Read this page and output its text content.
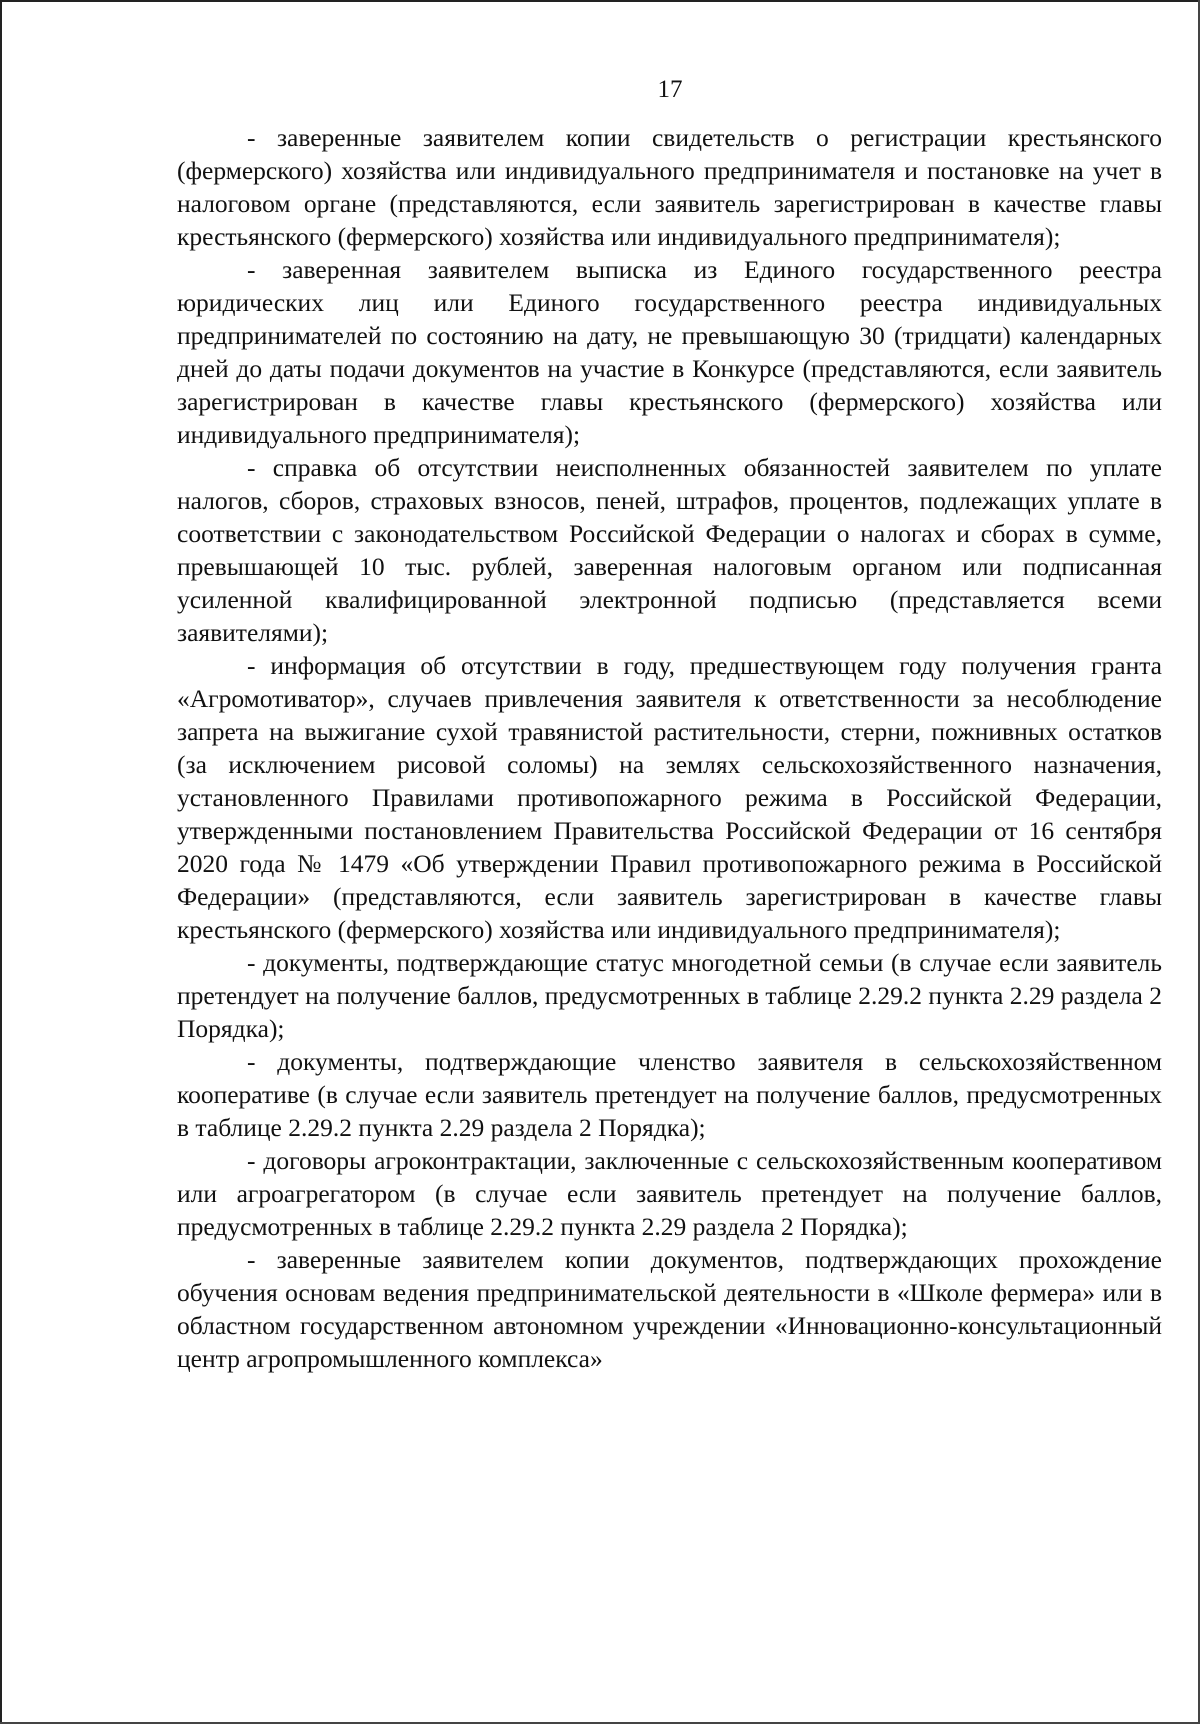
17

- заверенные заявителем копии свидетельств о регистрации крестьянского (фермерского) хозяйства или индивидуального предпринимателя и постановке на учет в налоговом органе (представляются, если заявитель зарегистрирован в качестве главы крестьянского (фермерского) хозяйства или индивидуального предпринимателя);

- заверенная заявителем выписка из Единого государственного реестра юридических лиц или Единого государственного реестра индивидуальных предпринимателей по состоянию на дату, не превышающую 30 (тридцати) календарных дней до даты подачи документов на участие в Конкурсе (представляются, если заявитель зарегистрирован в качестве главы крестьянского (фермерского) хозяйства или индивидуального предпринимателя);

- справка об отсутствии неисполненных обязанностей заявителем по уплате налогов, сборов, страховых взносов, пеней, штрафов, процентов, подлежащих уплате в соответствии с законодательством Российской Федерации о налогах и сборах в сумме, превышающей 10 тыс. рублей, заверенная налоговым органом или подписанная усиленной квалифицированной электронной подписью (представляется всеми заявителями);

- информация об отсутствии в году, предшествующем году получения гранта «Агромотиватор», случаев привлечения заявителя к ответственности за несоблюдение запрета на выжигание сухой травянистой растительности, стерни, пожнивных остатков (за исключением рисовой соломы) на землях сельскохозяйственного назначения, установленного Правилами противопожарного режима в Российской Федерации, утвержденными постановлением Правительства Российской Федерации от 16 сентября 2020 года № 1479 «Об утверждении Правил противопожарного режима в Российской Федерации» (представляются, если заявитель зарегистрирован в качестве главы крестьянского (фермерского) хозяйства или индивидуального предпринимателя);

- документы, подтверждающие статус многодетной семьи (в случае если заявитель претендует на получение баллов, предусмотренных в таблице 2.29.2 пункта 2.29 раздела 2 Порядка);

- документы, подтверждающие членство заявителя в сельскохозяйственном кооперативе (в случае если заявитель претендует на получение баллов, предусмотренных в таблице 2.29.2 пункта 2.29 раздела 2 Порядка);

- договоры агроконтрактации, заключенные с сельскохозяйственным кооперативом или агроагрегатором (в случае если заявитель претендует на получение баллов, предусмотренных в таблице 2.29.2 пункта 2.29 раздела 2 Порядка);

- заверенные заявителем копии документов, подтверждающих прохождение обучения основам ведения предпринимательской деятельности в «Школе фермера» или в областном государственном автономном учреждении «Инновационно-консультационный центр агропромышленного комплекса»
